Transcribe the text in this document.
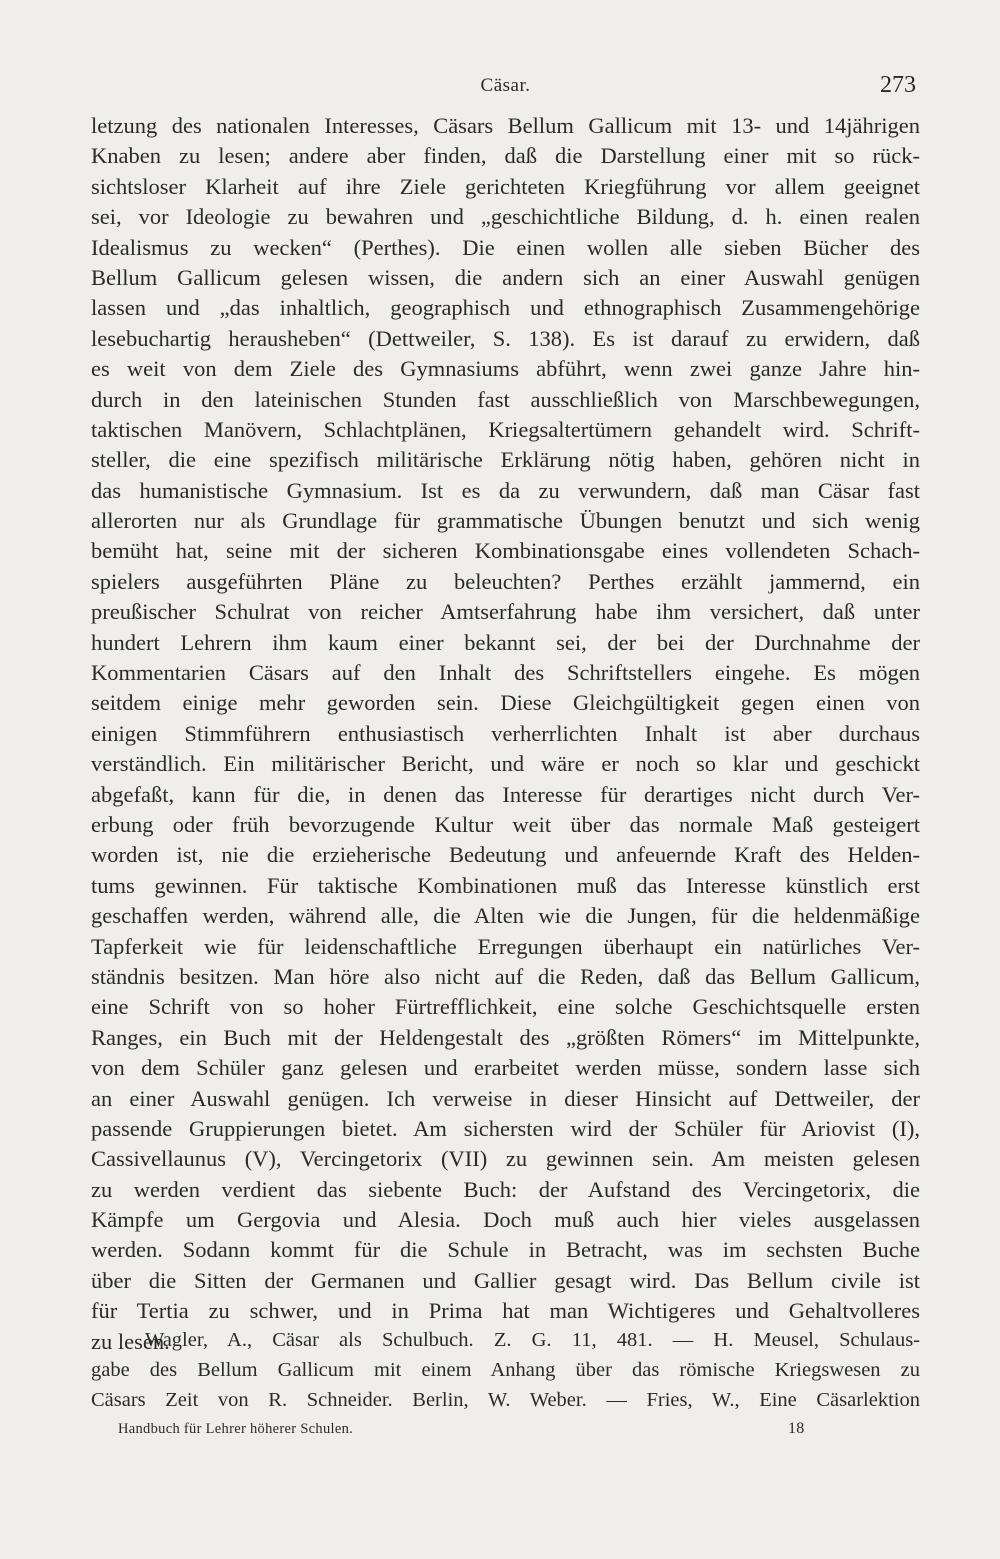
Cäsar.	273
letzung des nationalen Interesses, Cäsars Bellum Gallicum mit 13- und 14jährigen
Knaben zu lesen; andere aber finden, daß die Darstellung einer mit so rück-
sichtsloser Klarheit auf ihre Ziele gerichteten Kriegführung vor allem geeignet
sei, vor Ideologie zu bewahren und „geschichtliche Bildung, d. h. einen realen
Idealismus zu wecken“ (Perthes). Die einen wollen alle sieben Bücher des
Bellum Gallicum gelesen wissen, die andern sich an einer Auswahl genügen
lassen und „das inhaltlich, geographisch und ethnographisch Zusammengehörige
lesebuchartig herausheben“ (Dettweiler, S. 138). Es ist darauf zu erwidern, daß
es weit von dem Ziele des Gymnasiums abführt, wenn zwei ganze Jahre hin-
durch in den lateinischen Stunden fast ausschließlich von Marschbewegungen,
taktischen Manövern, Schlachtplänen, Kriegsaltertümern gehandelt wird. Schrift-
steller, die eine spezifisch militärische Erklärung nötig haben, gehören nicht in
das humanistische Gymnasium. Ist es da zu verwundern, daß man Cäsar fast
allerorten nur als Grundlage für grammatische Übungen benutzt und sich wenig
bemüht hat, seine mit der sicheren Kombinationsgabe eines vollendeten Schach-
spielers ausgeführten Pläne zu beleuchten? Perthes erzählt jammernd, ein
preußischer Schulrat von reicher Amtserfahrung habe ihm versichert, daß unter
hundert Lehrern ihm kaum einer bekannt sei, der bei der Durchnahme der
Kommentarien Cäsars auf den Inhalt des Schriftstellers eingehe. Es mögen
seitdem einige mehr geworden sein. Diese Gleichgültigkeit gegen einen von
einigen Stimmführern enthusiastisch verherrlichten Inhalt ist aber durchaus
verständlich. Ein militärischer Bericht, und wäre er noch so klar und geschickt
abgefaßt, kann für die, in denen das Interesse für derartiges nicht durch Ver-
erbung oder früh bevorzugende Kultur weit über das normale Maß gesteigert
worden ist, nie die erzieherische Bedeutung und anfeuernde Kraft des Helden-
tums gewinnen. Für taktische Kombinationen muß das Interesse künstlich erst
geschaffen werden, während alle, die Alten wie die Jungen, für die heldenmäßige
Tapferkeit wie für leidenschaftliche Erregungen überhaupt ein natürliches Ver-
ständnis besitzen. Man höre also nicht auf die Reden, daß das Bellum Gallicum,
eine Schrift von so hoher Fürtrefflichkeit, eine solche Geschichtsquelle ersten
Ranges, ein Buch mit der Heldengestalt des „größten Römers“ im Mittelpunkte,
von dem Schüler ganz gelesen und erarbeitet werden müsse, sondern lasse sich
an einer Auswahl genügen. Ich verweise in dieser Hinsicht auf Dettweiler, der
passende Gruppierungen bietet. Am sichersten wird der Schüler für Ariovist (I),
Cassivellaunus (V), Vercingetorix (VII) zu gewinnen sein. Am meisten gelesen
zu werden verdient das siebente Buch: der Aufstand des Vercingetorix, die
Kämpfe um Gergovia und Alesia. Doch muß auch hier vieles ausgelassen
werden. Sodann kommt für die Schule in Betracht, was im sechsten Buche
über die Sitten der Germanen und Gallier gesagt wird. Das Bellum civile ist
für Tertia zu schwer, und in Prima hat man Wichtigeres und Gehaltvolleres
zu lesen.
Wagler, A., Cäsar als Schulbuch. Z. G. 11, 481. — H. Meusel, Schulaus-
gabe des Bellum Gallicum mit einem Anhang über das römische Kriegswesen zu
Cäsars Zeit von R. Schneider. Berlin, W. Weber. — Fries, W., Eine Cäsarlektion
Handbuch für Lehrer höherer Schulen.	18
